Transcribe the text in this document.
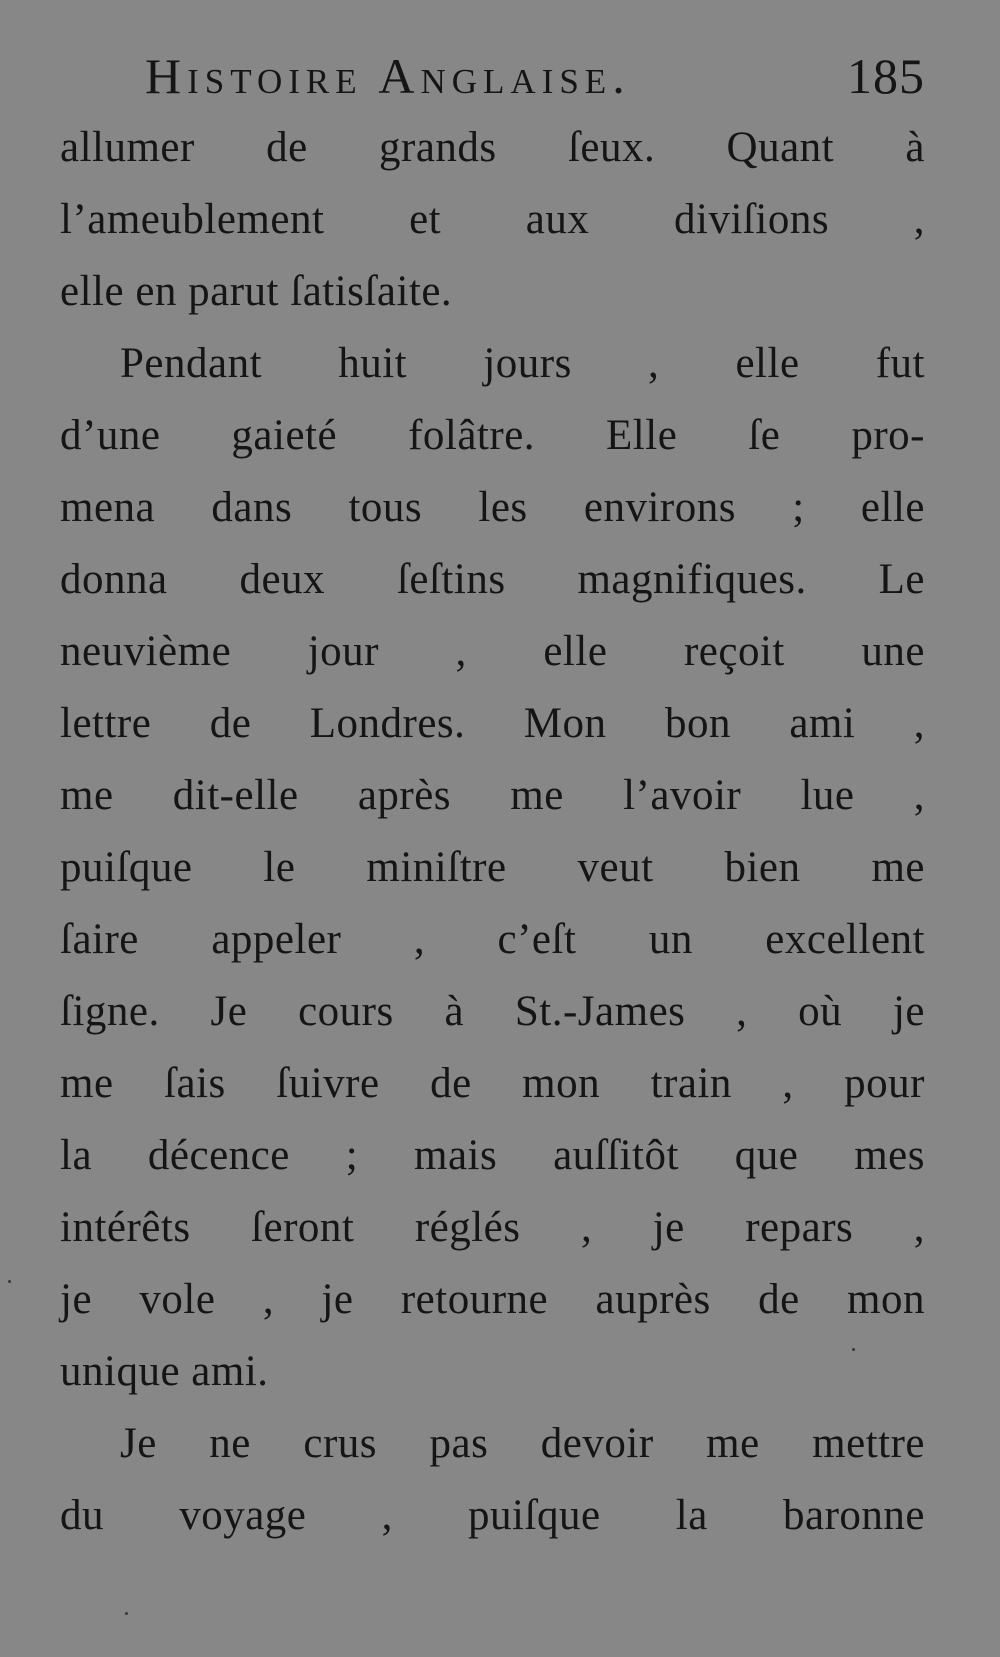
Histoire Anglaise.	185
allumer de grands ſeux. Quant à
l’ameublement et aux diviſions ,
elle en parut ſatisſaite.
Pendant huit jours , elle fut
d’une gaieté folâtre. Elle ſe pro-
mena dans tous les environs ; elle
donna deux ſeſtins magnifiques. Le
neuvième jour , elle reçoit une
lettre de Londres. Mon bon ami ,
me dit-elle après me l’avoir lue ,
puiſque le miniſtre veut bien me
ſaire appeler , c’eſt un excellent
ſigne. Je cours à St.-James , où je
me ſais ſuivre de mon train , pour
la décence ; mais auſſitôt que mes
intérêts ſeront réglés , je repars ,
je vole , je retourne auprès de mon
unique ami.
Je ne crus pas devoir me mettre
du voyage , puiſque la baronne
